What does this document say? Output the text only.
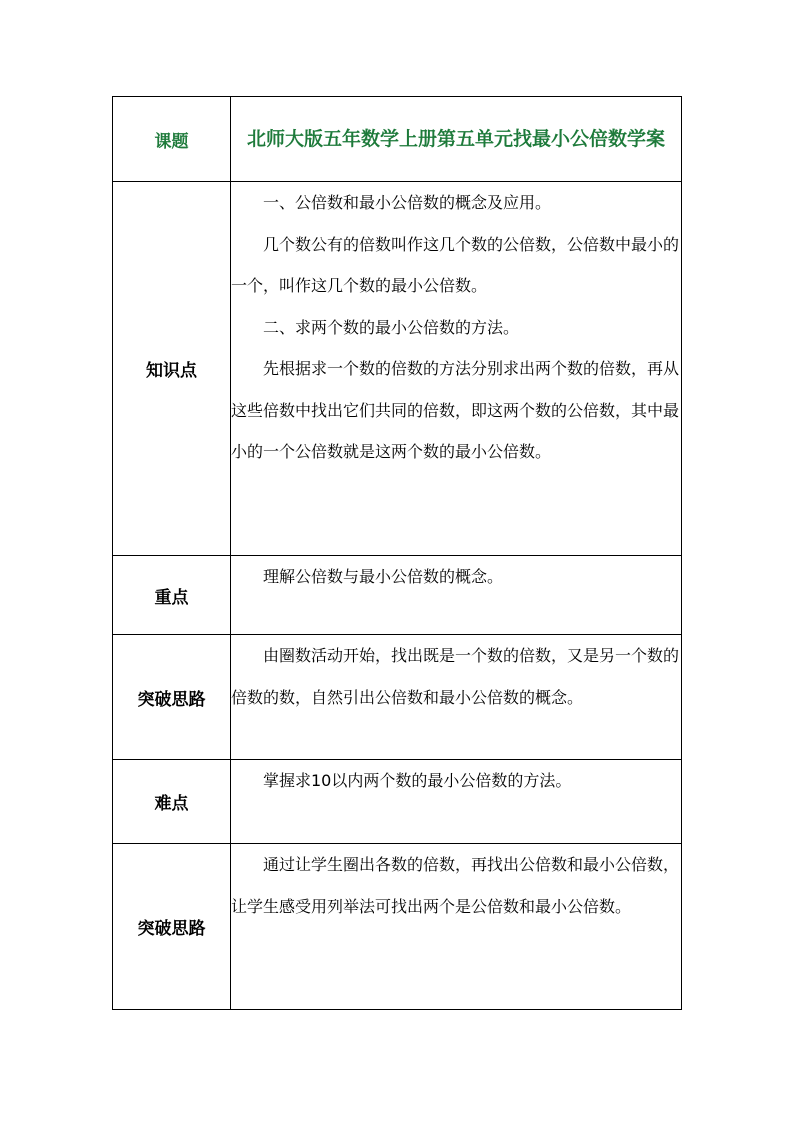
课题	北师大版五年数学上册第五单元找最小公倍数学案
知识点	一、公倍数和最小公倍数的概念及应用。

几个数公有的倍数叫作这几个数的公倍数，公倍数中最小的一个，叫作这几个数的最小公倍数。

二、求两个数的最小公倍数的方法。

先根据求一个数的倍数的方法分别求出两个数的倍数，再从这些倍数中找出它们共同的倍数，即这两个数的公倍数，其中最小的一个公倍数就是这两个数的最小公倍数。

重点	理解公倍数与最小公倍数的概念。

突破思路	由圈数活动开始，找出既是一个数的倍数，又是另一个数的倍数的数，自然引出公倍数和最小公倍数的概念。

难点	掌握求10以内两个数的最小公倍数的方法。

突破思路	通过让学生圈出各数的倍数，再找出公倍数和最小公倍数，让学生感受用列举法可找出两个是公倍数和最小公倍数。
